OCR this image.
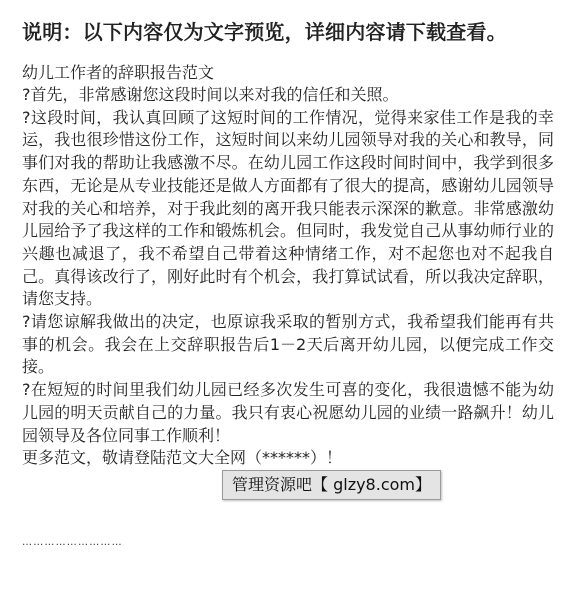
说明：以下内容仅为文字预览，详细内容请下载查看。
幼儿工作者的辞职报告范文

?首先，非常感谢您这段时间以来对我的信任和关照。

?这段时间，我认真回顾了这短时间的工作情况，觉得来家佳工作是我的幸运，我也很珍惜这份工作，这短时间以来幼儿园领导对我的关心和教导，同事们对我的帮助让我感激不尽。在幼儿园工作这段时间时间中，我学到很多东西，无论是从专业技能还是做人方面都有了很大的提高，感谢幼儿园领导对我的关心和培养，对于我此刻的离开我只能表示深深的歉意。非常感激幼儿园给予了我这样的工作和锻炼机会。但同时，我发觉自己从事幼师行业的兴趣也减退了，我不希望自己带着这种情绪工作，对不起您也对不起我自己。真得该改行了，刚好此时有个机会，我打算试试看，所以我决定辞职，请您支持。

?请您谅解我做出的决定，也原谅我采取的暂别方式，我希望我们能再有共事的机会。我会在上交辞职报告后1－2天后离开幼儿园，以便完成工作交接。

?在短短的时间里我们幼儿园已经多次发生可喜的变化，我很遗憾不能为幼儿园的明天贡献自己的力量。我只有衷心祝愿幼儿园的业绩一路飙升！幼儿园领导及各位同事工作顺利！

更多范文，敬请登陆范文大全网（******）！

………………………
管理资源吧【 glzy8.com】
